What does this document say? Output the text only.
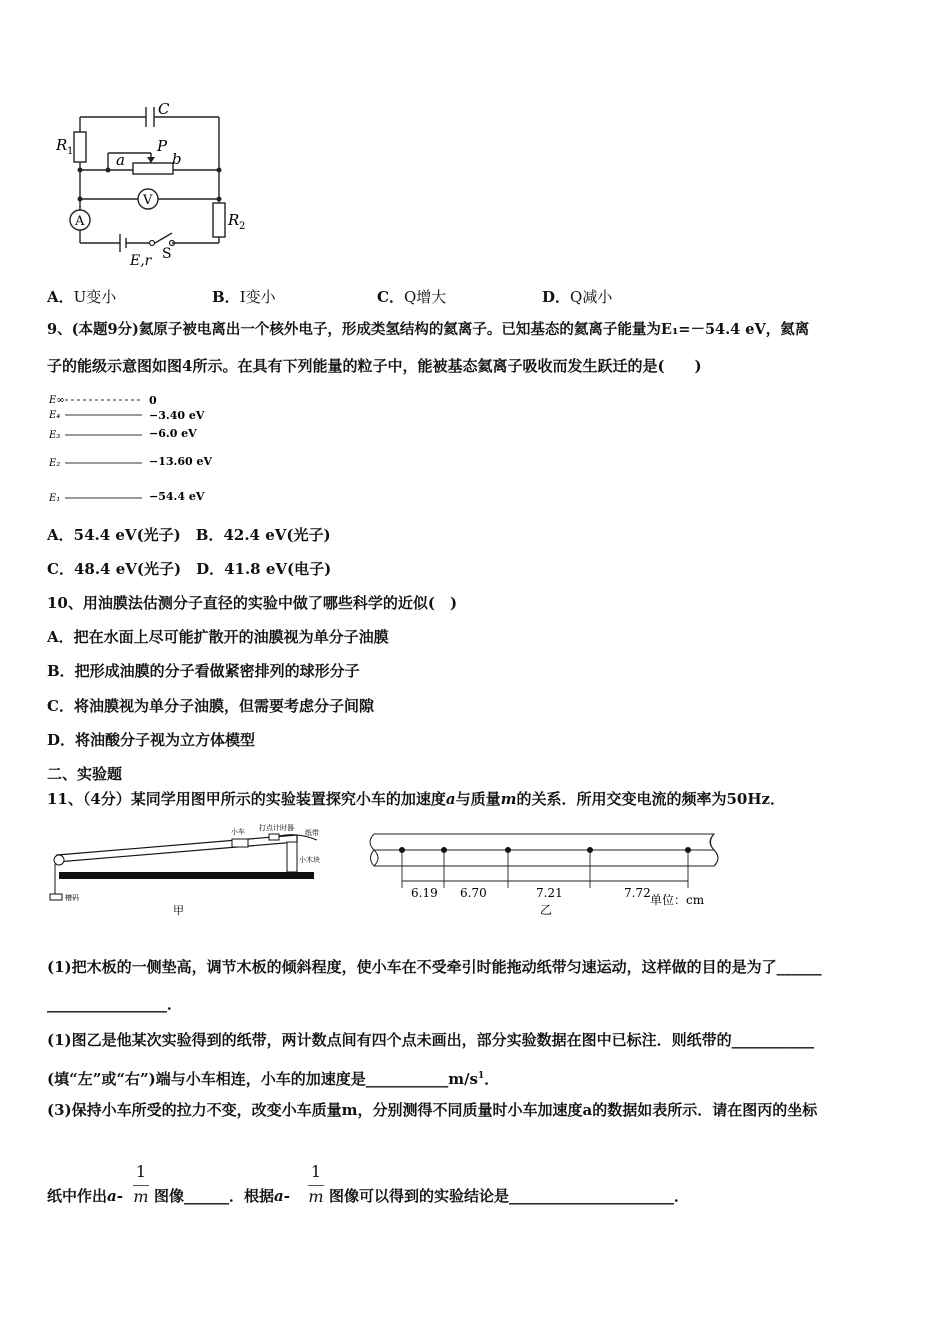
C
R 1	a
P
b
V
A	R 2
E,r S
A．U变小	B．I变小	C．Q增大	D．Q减小
9、(本题9分)氦原子被电离出一个核外电子，形成类氢结构的氦离子。已知基态的氦离子能量为E₁=－54.4 eV，氦离
子的能级示意图如图4所示。在具有下列能量的粒子中，能被基态氦离子吸收而发生跃迁的是(　　)
E∞
E₄
E₃
E₂
E₁
0
−3.40 eV
−6.0 eV
−13.60 eV
−54.4 eV
A．54.4 eV(光子)　B．42.4 eV(光子)
C．48.4 eV(光子)　D．41.8 eV(电子)
10、用油膜法估测分子直径的实验中做了哪些科学的近似(　)
A．把在水面上尽可能扩散开的油膜视为单分子油膜
B．把形成油膜的分子看做紧密排列的球形分子
C．将油膜视为单分子油膜，但需要考虑分子间隙
D．将油酸分子视为立方体模型
二、实验题
11、（4分）某同学用图甲所示的实验装置探究小车的加速度a与质量m的关系．所用交变电流的频率为50Hz．
小车 打点计时器
纸带
小木块
槽码
甲
6.19 6.70	7.21	7.72 单位：cm
乙
(1)把木板的一侧垫高，调节木板的倾斜程度，使小车在不受牵引时能拖动纸带匀速运动，这样做的目的是为了______
________________．
(1)图乙是他某次实验得到的纸带，两计数点间有四个点未画出，部分实验数据在图中已标注．则纸带的___________
(填“左”或“右”)端与小车相连，小车的加速度是$\_\_\_\_\_\_\_\_\_\_\_m/s^1$．
(3)保持小车所受的拉力不变，改变小车质量m，分别测得不同质量时小车加速度a的数据如表所示．请在图丙的坐标
1
m
1
m
纸中作出a- 图像______．根据a-	图像可以得到的实验结论是______________________．
